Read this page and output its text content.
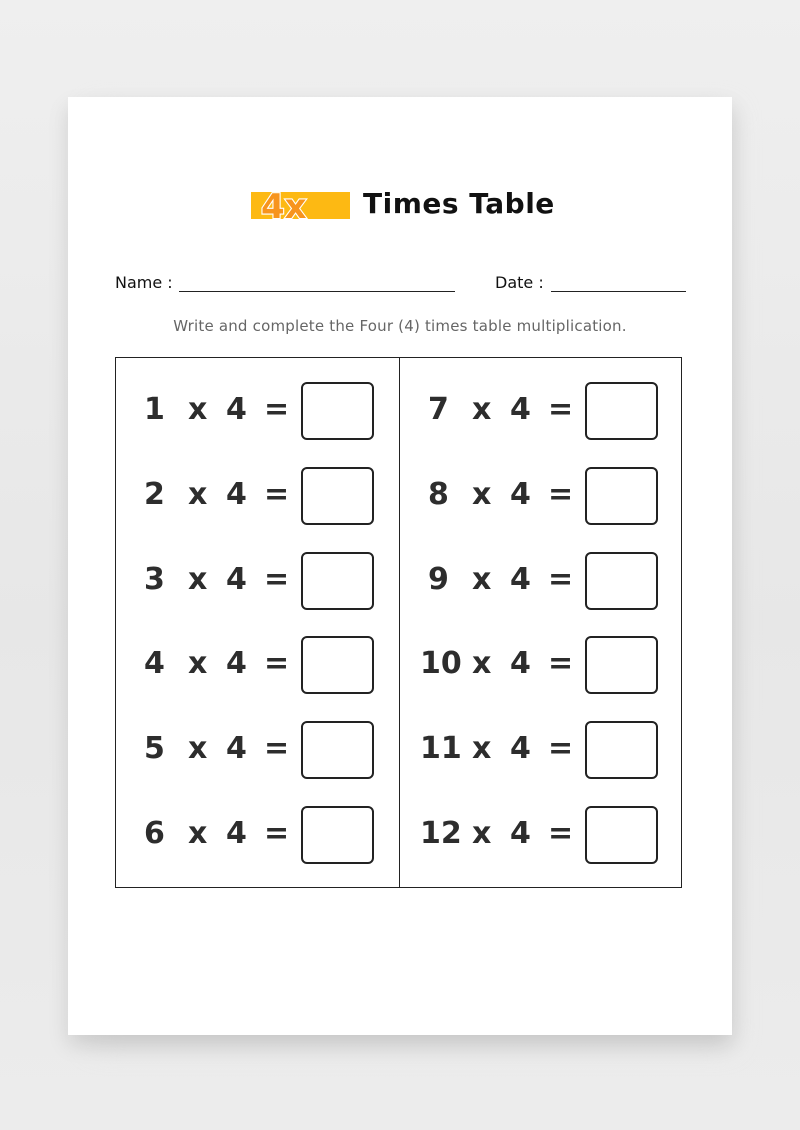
4x Times Table
Name :	Date :
Write and complete the Four (4) times table multiplication.
1 x 4 =
2 x 4 =
3 x 4 =
4 x 4 =
5 x 4 =
6 x 4 =
7 x 4 =
8 x 4 =
9 x 4 =
10 x 4 =
11 x 4 =
12 x 4 =
